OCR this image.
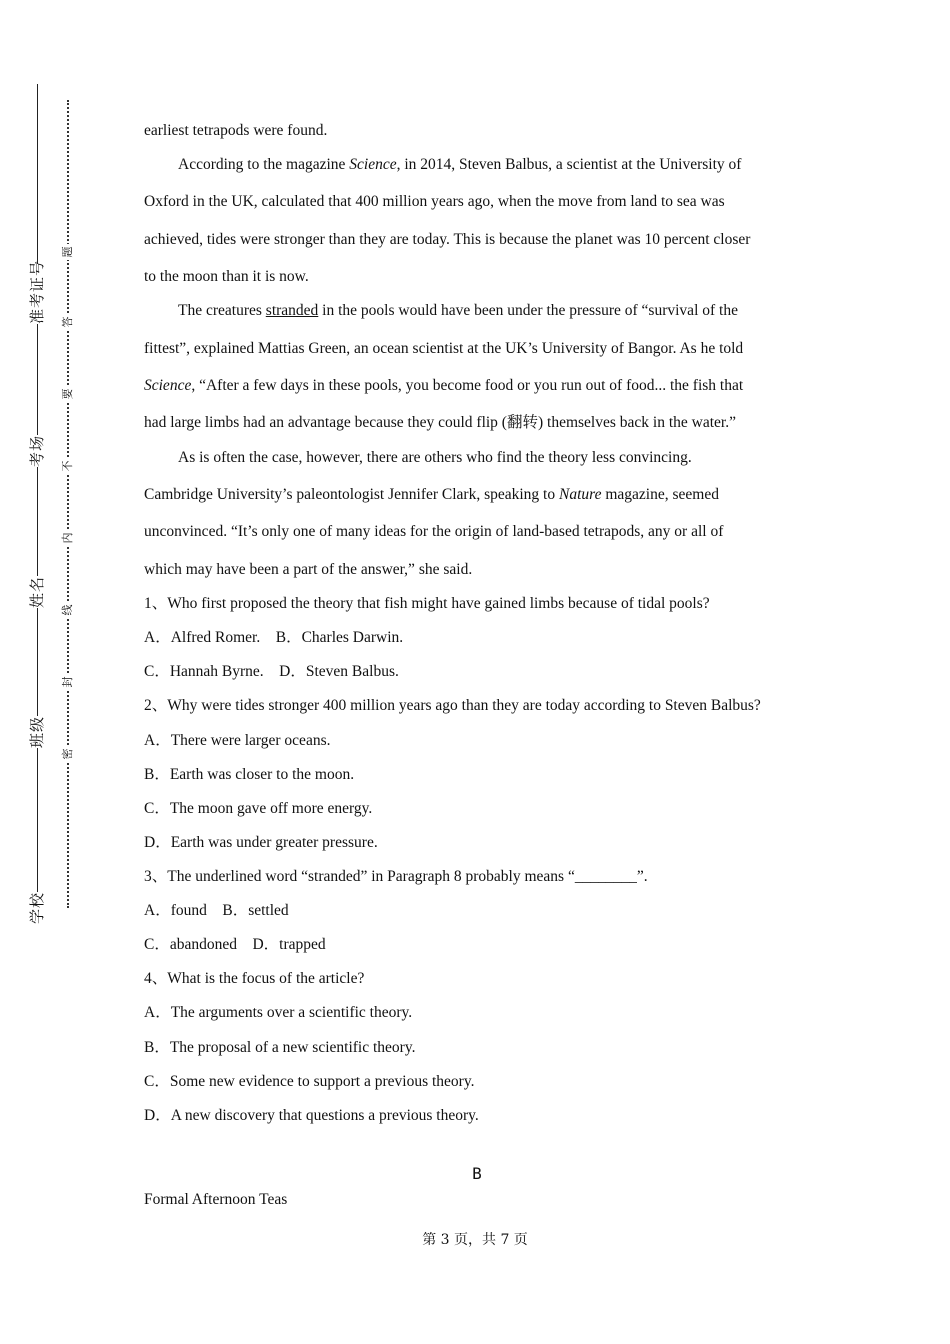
准考证号
考场
姓名
班级
学校
题
答
要
不
内
线
封
密
earliest tetrapods were found.
According to the magazine Science, in 2014, Steven Balbus, a scientist at the University of
Oxford in the UK, calculated that 400 million years ago, when the move from land to sea was
achieved, tides were stronger than they are today. This is because the planet was 10 percent closer
to the moon than it is now.
The creatures stranded in the pools would have been under the pressure of “survival of the
fittest”, explained Mattias Green, an ocean scientist at the UK’s University of Bangor. As he told
Science, “After a few days in these pools, you become food or you run out of food... the fish that
had large limbs had an advantage because they could flip (翻转) themselves back in the water.”
As is often the case, however, there are others who find the theory less convincing.
Cambridge University’s paleontologist Jennifer Clark, speaking to Nature magazine, seemed
unconvinced. “It’s only one of many ideas for the origin of land-based tetrapods, any or all of
which may have been a part of the answer,” she said.
1、Who first proposed the theory that fish might have gained limbs because of tidal pools?
A．Alfred Romer.    B．Charles Darwin.
C．Hannah Byrne.    D．Steven Balbus.
2、Why were tides stronger 400 million years ago than they are today according to Steven Balbus?
A．There were larger oceans.
B．Earth was closer to the moon.
C．The moon gave off more energy.
D．Earth was under greater pressure.
3、The underlined word “stranded” in Paragraph 8 probably means “________”.
A．found    B．settled
C．abandoned    D．trapped
4、What is the focus of the article?
A．The arguments over a scientific theory.
B．The proposal of a new scientific theory.
C．Some new evidence to support a previous theory.
D．A new discovery that questions a previous theory.
Formal Afternoon Teas
B
第 3 页，共 7 页
